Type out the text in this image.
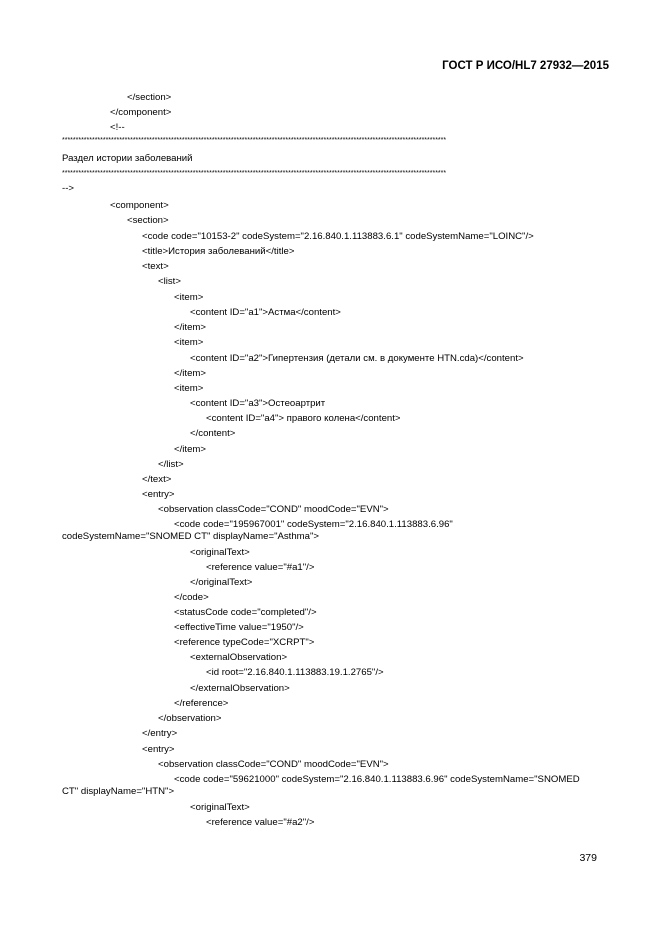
ГОСТ Р ИСО/HL7 27932—2015
</section>
</component>
<!--
*********************************************************************************************************************************************
Раздел истории заболеваний
*********************************************************************************************************************************************
-->
<component>
<section>
<code code="10153-2" codeSystem="2.16.840.1.113883.6.1" codeSystemName="LOINC"/>
<title>История заболеваний</title>
<text>
<list>
<item>
<content ID="a1">Астма</content>
</item>
<item>
<content ID="a2">Гипертензия (детали см. в документе HTN.cda)</content>
</item>
<item>
<content ID="a3">Остеоартрит
<content ID="a4"> правого колена</content>
</content>
</item>
</list>
</text>
<entry>
<observation classCode="COND" moodCode="EVN">
<code code="195967001" codeSystem="2.16.840.1.113883.6.96"
codeSystemName="SNOMED CT" displayName="Asthma">
<originalText>
<reference value="#a1"/>
</originalText>
</code>
<statusCode code="completed"/>
<effectiveTime value="1950"/>
<reference typeCode="XCRPT">
<externalObservation>
<id root="2.16.840.1.113883.19.1.2765"/>
</externalObservation>
</reference>
</observation>
</entry>
<entry>
<observation classCode="COND" moodCode="EVN">
<code code="59621000" codeSystem="2.16.840.1.113883.6.96" codeSystemName="SNOMED
CT" displayName="HTN">
<originalText>
<reference value="#a2"/>
379
